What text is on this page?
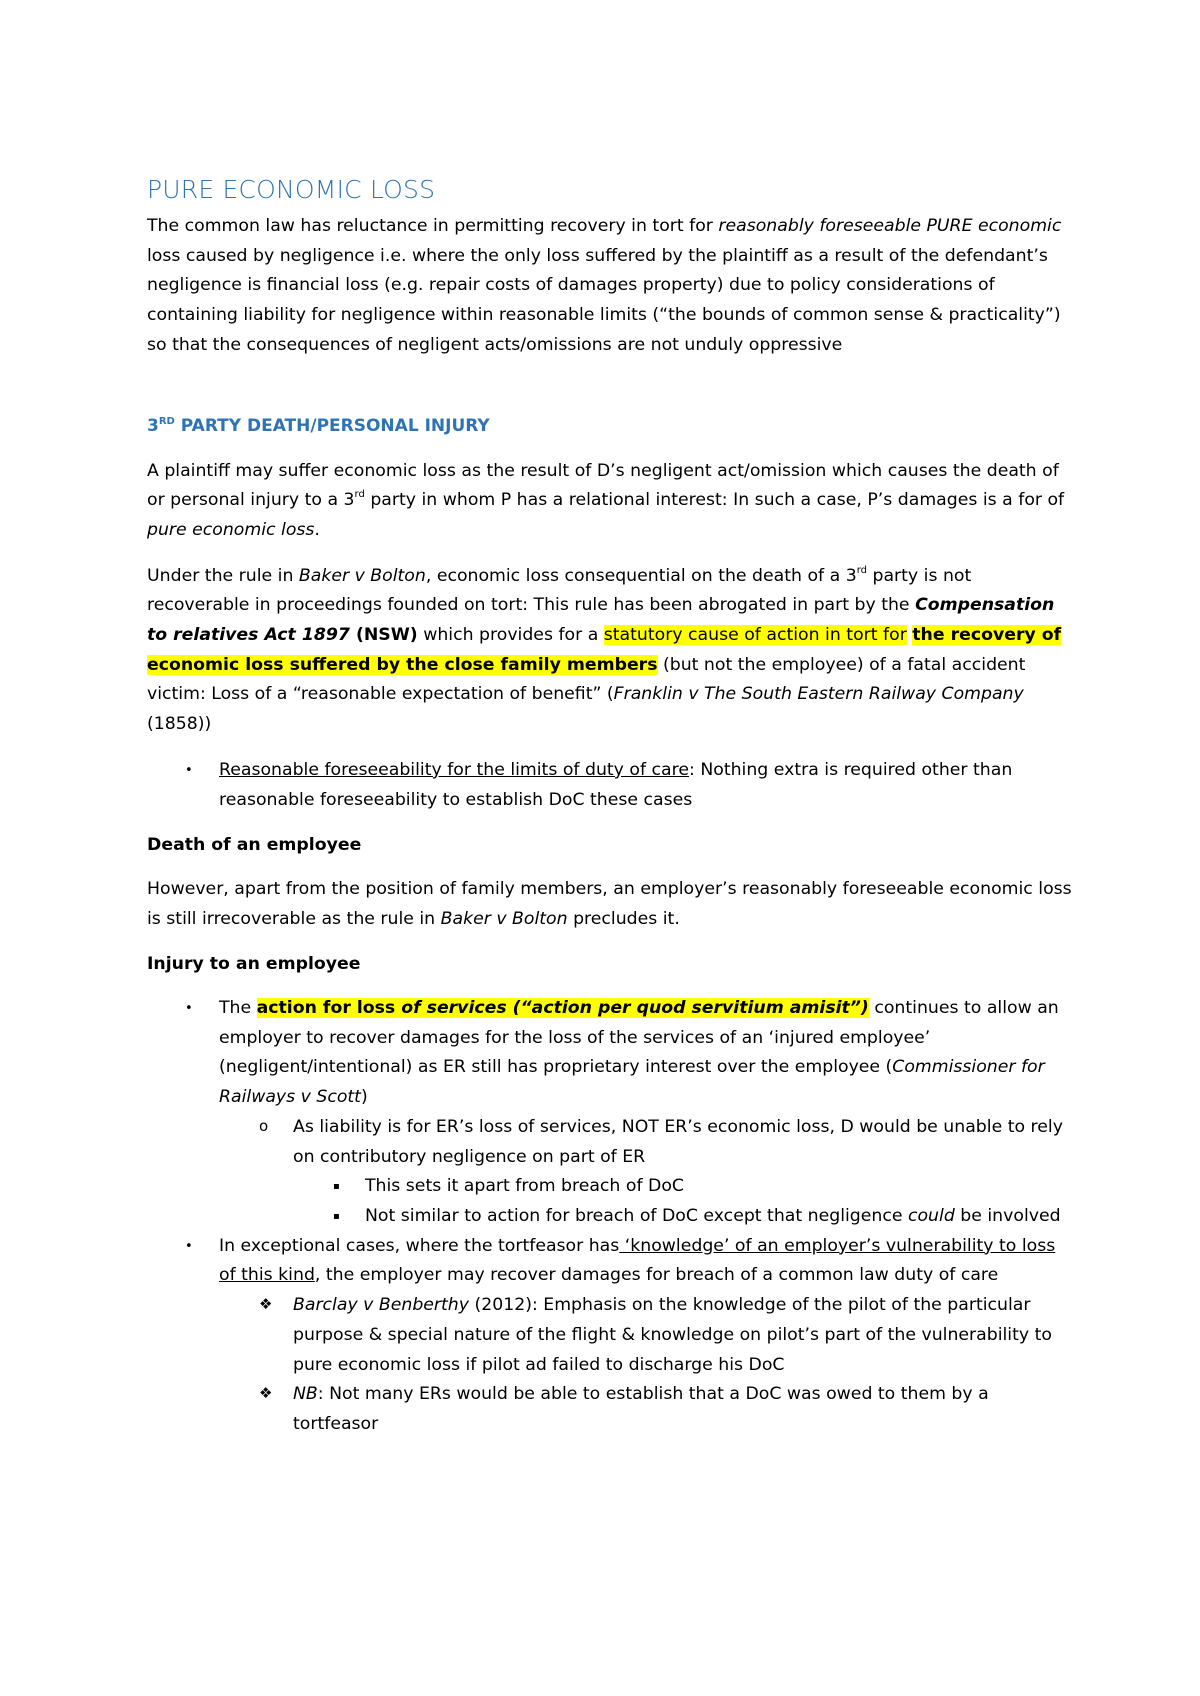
PURE ECONOMIC LOSS

The common law has reluctance in permitting recovery in tort for reasonably foreseeable PURE economic loss caused by negligence i.e. where the only loss suffered by the plaintiff as a result of the defendant’s negligence is financial loss (e.g. repair costs of damages property) due to policy considerations of containing liability for negligence within reasonable limits (“the bounds of common sense & practicality”) so that the consequences of negligent acts/omissions are not unduly oppressive

3RD PARTY DEATH/PERSONAL INJURY

A plaintiff may suffer economic loss as the result of D’s negligent act/omission which causes the death of or personal injury to a 3rd party in whom P has a relational interest: In such a case, P’s damages is a for of pure economic loss.

Under the rule in Baker v Bolton, economic loss consequential on the death of a 3rd party is not recoverable in proceedings founded on tort: This rule has been abrogated in part by the Compensation to relatives Act 1897 (NSW) which provides for a statutory cause of action in tort for the recovery of economic loss suffered by the close family members (but not the employee) of a fatal accident victim: Loss of a “reasonable expectation of benefit” (Franklin v The South Eastern Railway Company (1858))

• Reasonable foreseeability for the limits of duty of care: Nothing extra is required other than reasonable foreseeability to establish DoC these cases
Death of an employee

However, apart from the position of family members, an employer’s reasonably foreseeable economic loss is still irrecoverable as the rule in Baker v Bolton precludes it.

Injury to an employee
• The action for loss of services (“action per quod servitium amisit”) continues to allow an employer to recover damages for the loss of the services of an ‘injured employee’ (negligent/intentional) as ER still has proprietary interest over the employee (Commissioner for Railways v Scott)
o As liability is for ER’s loss of services, NOT ER’s economic loss, D would be unable to rely on contributory negligence on part of ER
▪ This sets it apart from breach of DoC
▪ Not similar to action for breach of DoC except that negligence could be involved
• In exceptional cases, where the tortfeasor has ‘knowledge’ of an employer’s vulnerability to loss of this kind, the employer may recover damages for breach of a common law duty of care
❖ Barclay v Benberthy (2012): Emphasis on the knowledge of the pilot of the particular purpose & special nature of the flight & knowledge on pilot’s part of the vulnerability to pure economic loss if pilot ad failed to discharge his DoC
❖ NB: Not many ERs would be able to establish that a DoC was owed to them by a tortfeasor
